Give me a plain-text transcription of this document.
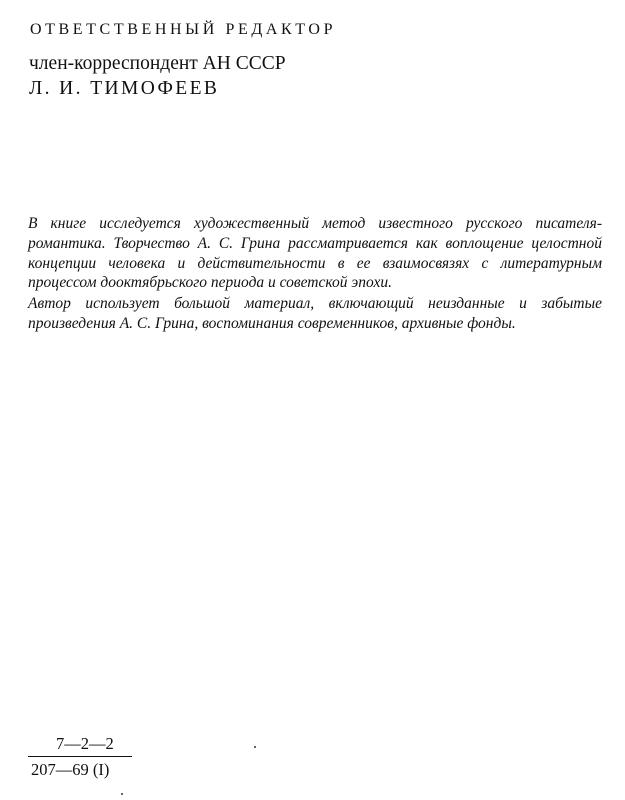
ОТВЕТСТВЕННЫЙ РЕДАКТОР
член-корреспондент АН СССР
Л. И. ТИМОФЕЕВ

В книге исследуется художественный метод известного русского писателя-романтика. Творчество А. С. Грина рассматривается как воплощение целостной концепции человека и действительности в ее взаимосвязях с литературным процессом дооктябрьского периода и советской эпохи.

Автор использует большой материал, включающий неизданные и забытые произведения А. С. Грина, воспоминания современников, архивные фонды.

7—2—2
207—69 (I)
